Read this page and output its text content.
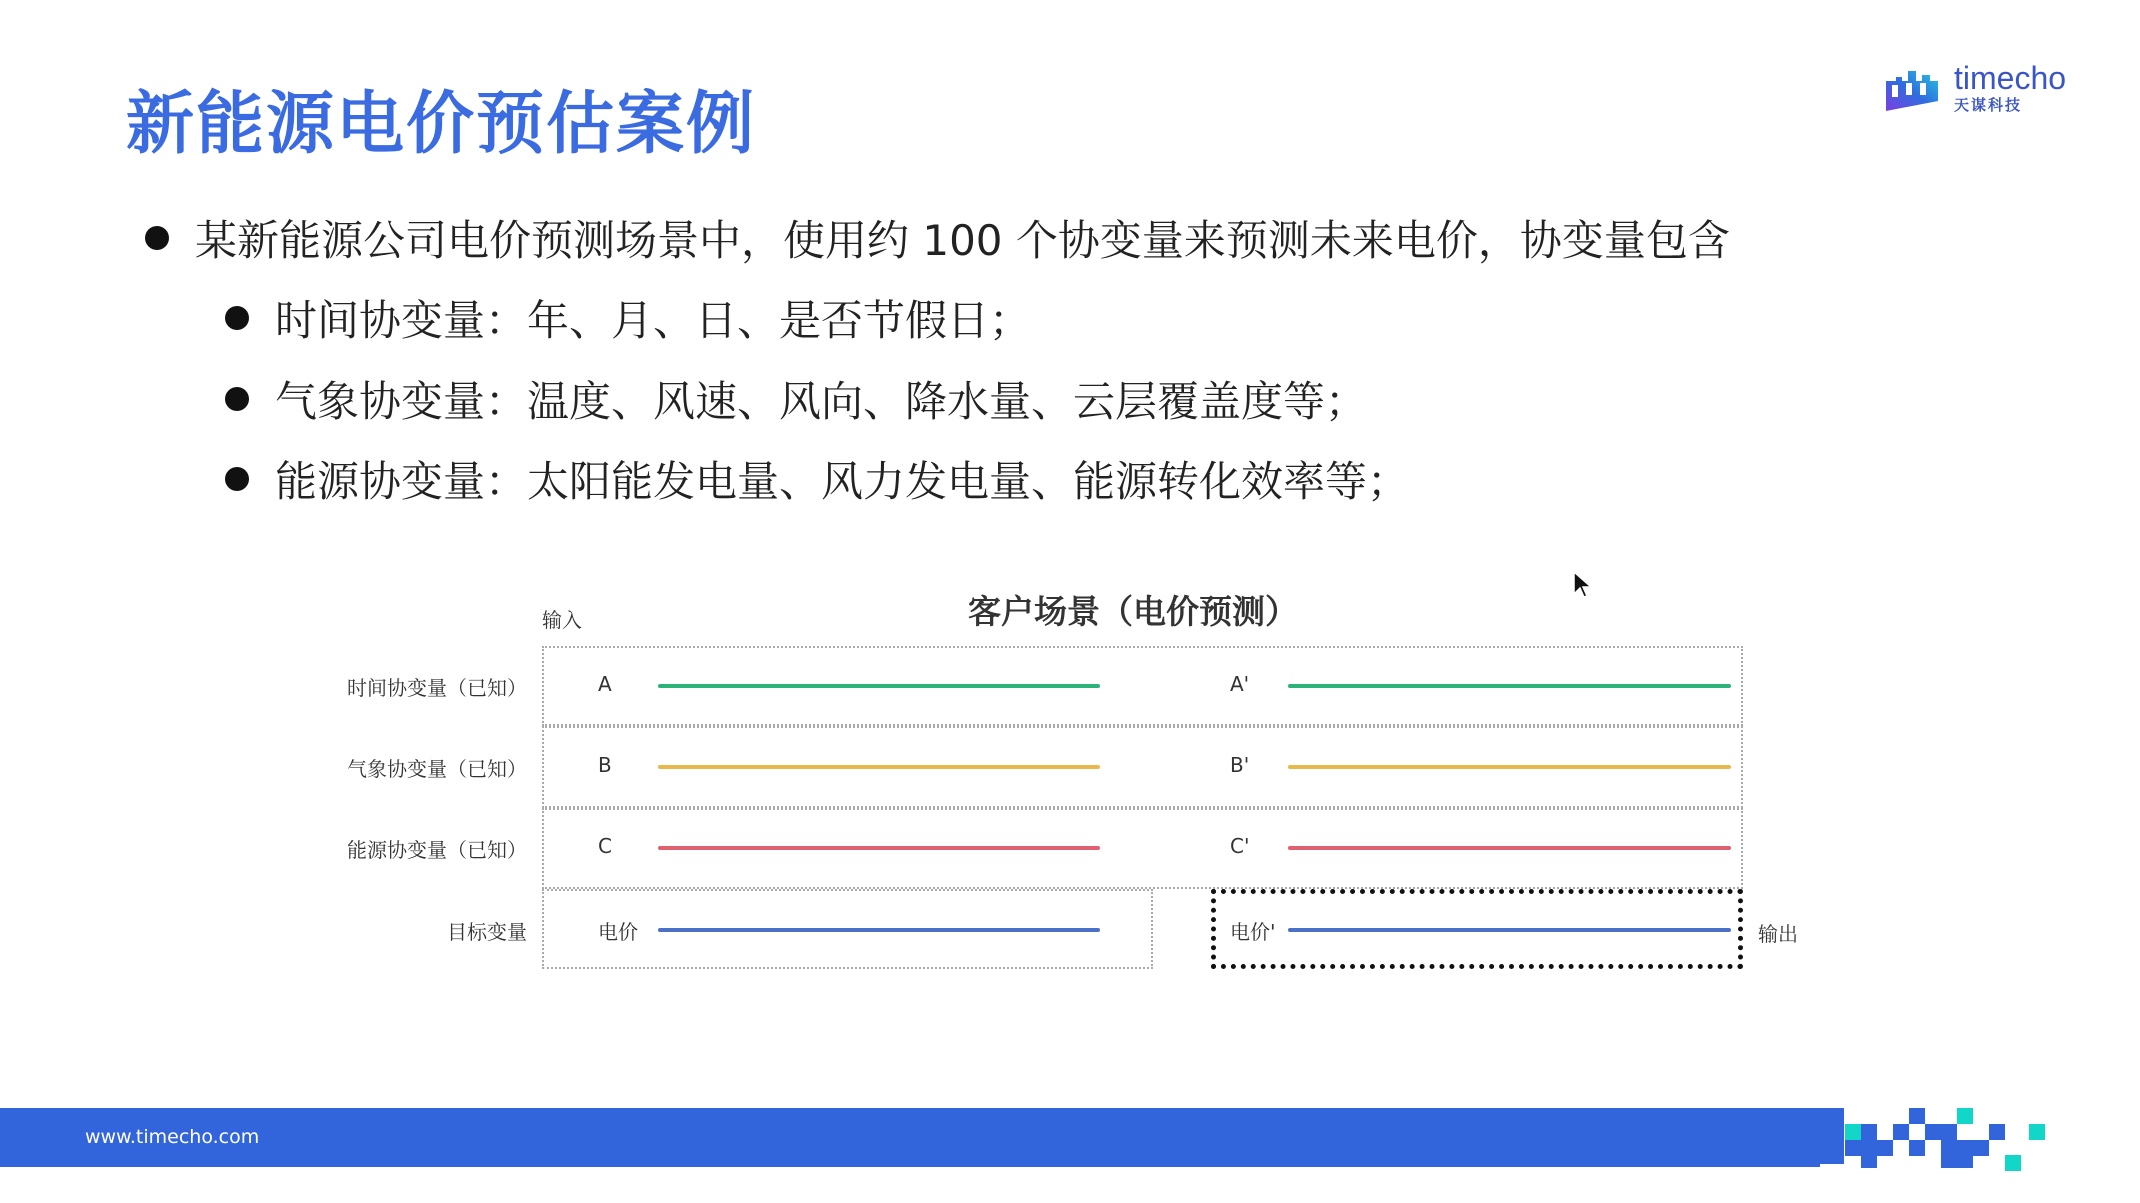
新能源电价预估案例
timecho
天谋科技
某新能源公司电价预测场景中，使用约 100 个协变量来预测未来电价，协变量包含
时间协变量：年、月、日、是否节假日；
气象协变量：温度、风速、风向、降水量、云层覆盖度等；
能源协变量：太阳能发电量、风力发电量、能源转化效率等；
客户场景（电价预测）
输入
时间协变量（已知）	A	A'
气象协变量（已知）	B	B'
能源协变量（已知）	C	C'
目标变量	电价	电价'	输出
www.timecho.com
